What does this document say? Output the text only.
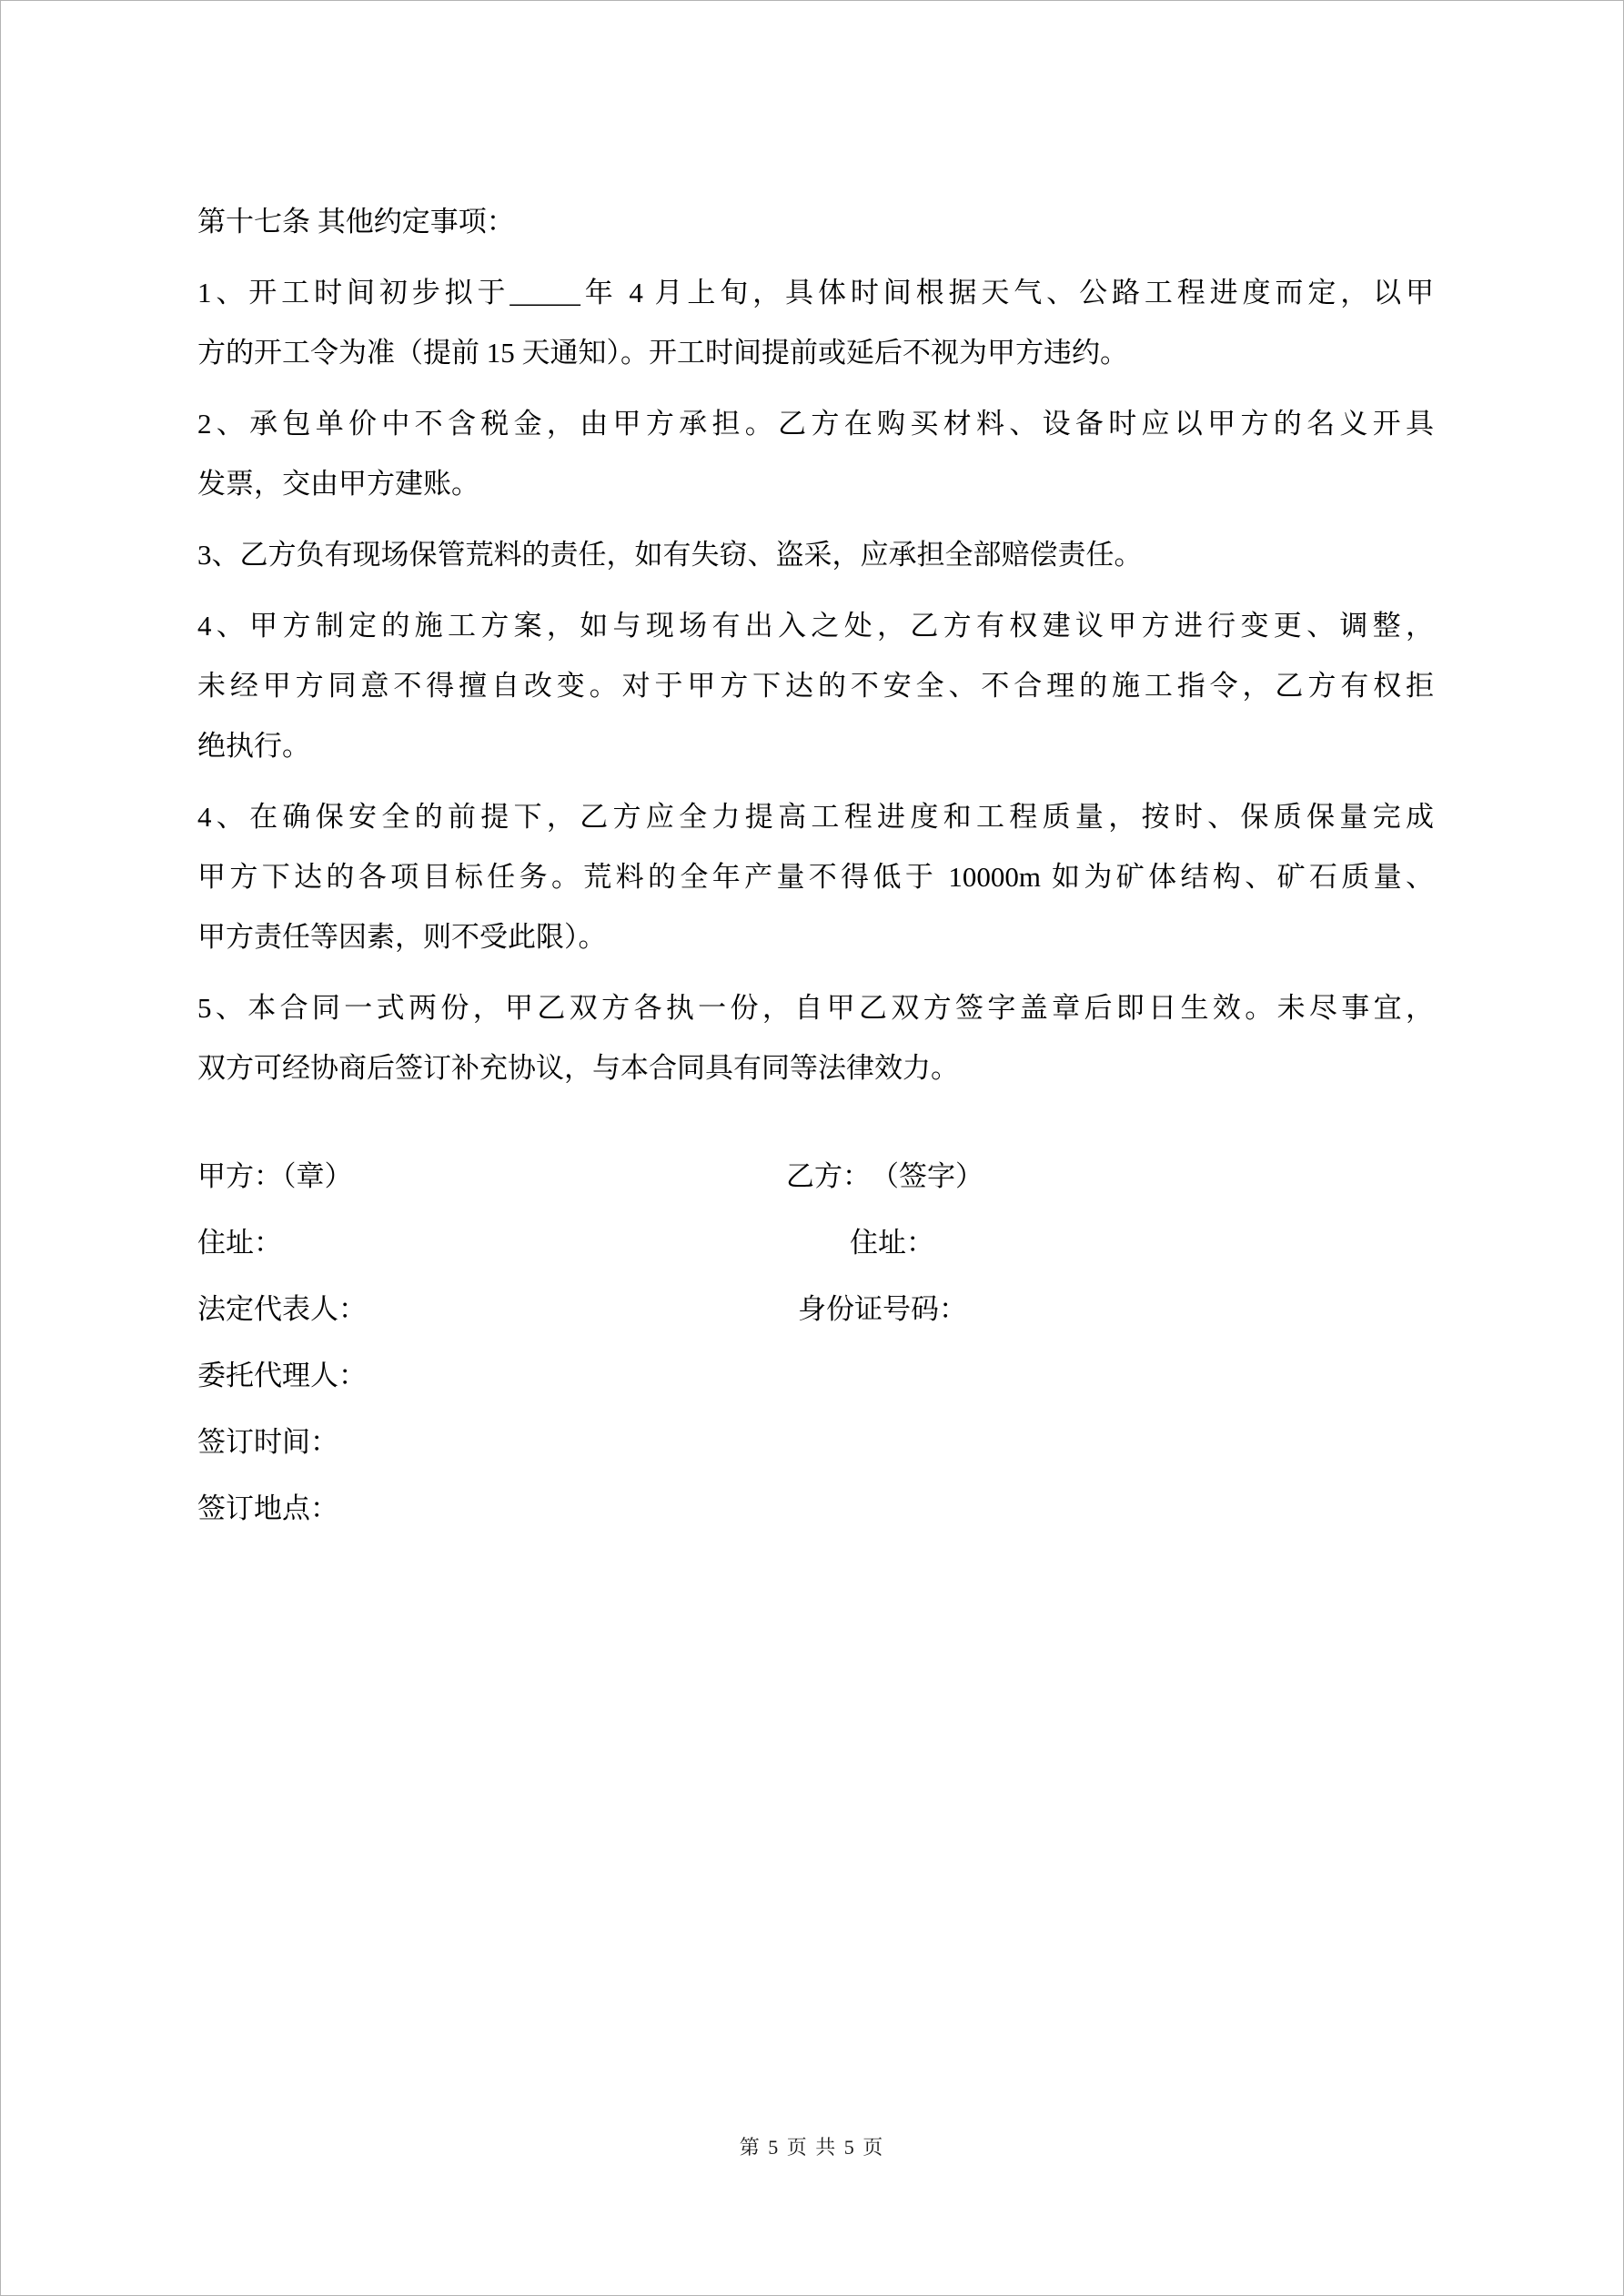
第十七条 其他约定事项：
1、开工时间初步拟于_____年 4 月上旬，具体时间根据天气、公路工程进度而定，以甲
方的开工令为准（提前 15 天通知）。开工时间提前或延后不视为甲方违约。
2、承包单价中不含税金，由甲方承担。乙方在购买材料、设备时应以甲方的名义开具
发票，交由甲方建账。
3、乙方负有现场保管荒料的责任，如有失窃、盗采，应承担全部赔偿责任。
4、甲方制定的施工方案，如与现场有出入之处，乙方有权建议甲方进行变更、调整，
未经甲方同意不得擅自改变。对于甲方下达的不安全、不合理的施工指令，乙方有权拒
绝执行。
4、在确保安全的前提下，乙方应全力提高工程进度和工程质量，按时、保质保量完成
甲方下达的各项目标任务。荒料的全年产量不得低于 10000m 如为矿体结构、矿石质量、
甲方责任等因素，则不受此限）。
5、本合同一式两份，甲乙双方各执一份，自甲乙双方签字盖章后即日生效。未尽事宜，
双方可经协商后签订补充协议，与本合同具有同等法律效力。
甲方：（章）	乙方：　（签字）
住址：	住址：
法定代表人：	身份证号码：
委托代理人：
签订时间：
签订地点：
第 5 页 共 5 页
